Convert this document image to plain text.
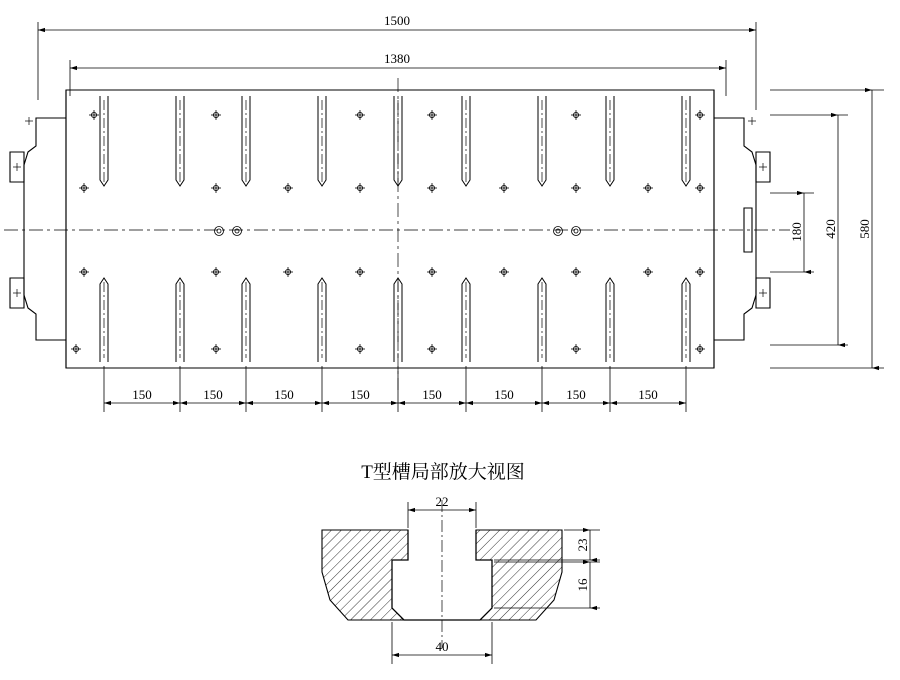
1500
1380
580
420
180
150	150	150	150	150	150	150	150
T型槽局部放大视图
22
40
23
16
